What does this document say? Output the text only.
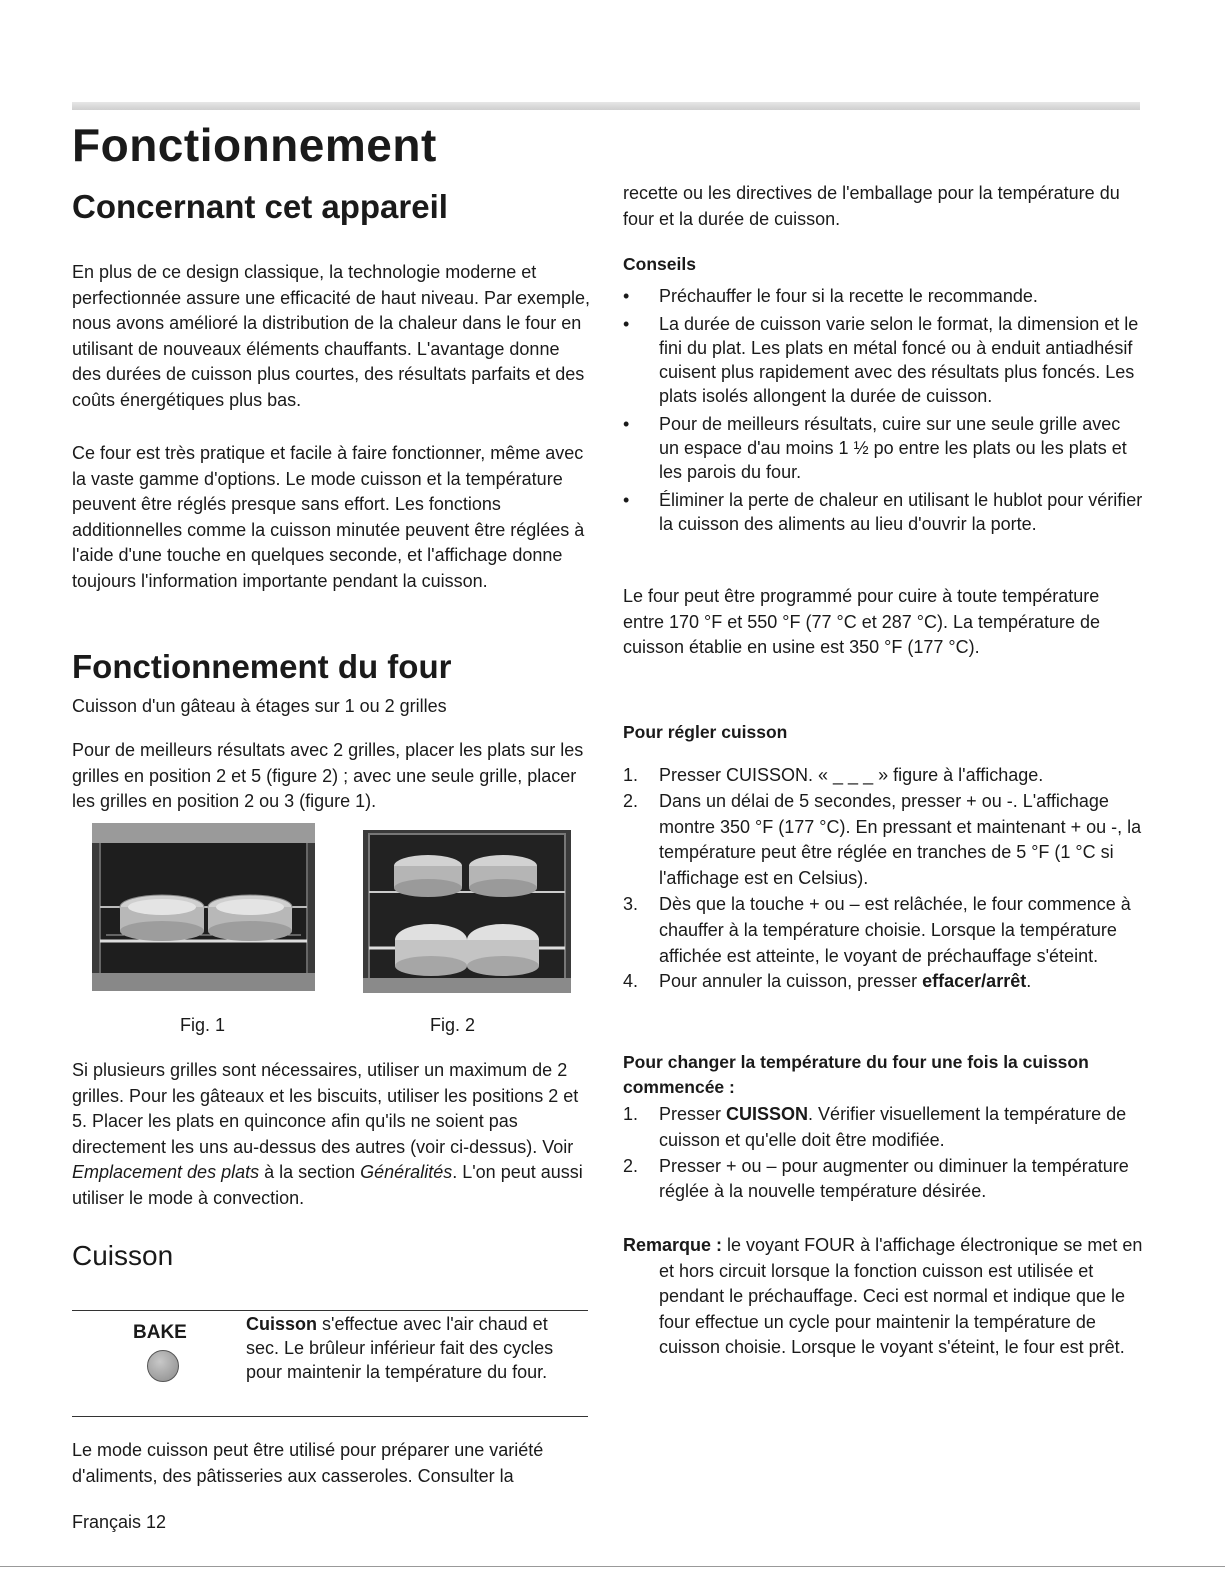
Fonctionnement
Concernant cet appareil

En plus de ce design classique, la technologie moderne et perfectionnée assure une efficacité de haut niveau. Par exemple, nous avons amélioré la distribution de la chaleur dans le four en utilisant de nouveaux éléments chauffants. L'avantage donne des durées de cuisson plus courtes, des résultats parfaits et des coûts énergétiques plus bas.

Ce four est très pratique et facile à faire fonctionner, même avec la vaste gamme d'options. Le mode cuisson et la température peuvent être réglés presque sans effort. Les fonctions additionnelles comme la cuisson minutée peuvent être réglées à l'aide d'une touche en quelques seconde, et l'affichage donne toujours l'information importante pendant la cuisson.

Fonctionnement du four

Cuisson d'un gâteau à étages sur 1 ou 2 grilles

Pour de meilleurs résultats avec 2 grilles, placer les plats sur les grilles en position 2 et 5 (figure 2) ; avec une seule grille, placer les grilles en position 2 ou 3 (figure 1).

Fig. 1	Fig. 2

Si plusieurs grilles sont nécessaires, utiliser un maximum de 2 grilles. Pour les gâteaux et les biscuits, utiliser les positions 2 et 5. Placer les plats en quinconce afin qu'ils ne soient pas directement les uns au-dessus des autres (voir ci-dessus). Voir Emplacement des plats à la section Généralités. L'on peut aussi utiliser le mode à convection.

Cuisson
BAKE	Cuisson s'effectue avec l'air chaud et sec. Le brûleur inférieur fait des cycles pour maintenir la température du four.

Le mode cuisson peut être utilisé pour préparer une variété d'aliments, des pâtisseries aux casseroles. Consulter la

Français 12

recette ou les directives de l'emballage pour la température du four et la durée de cuisson.

Conseils

• Préchauffer le four si la recette le recommande.
• La durée de cuisson varie selon le format, la dimension et le fini du plat. Les plats en métal foncé ou à enduit antiadhésif cuisent plus rapidement avec des résultats plus foncés. Les plats isolés allongent la durée de cuisson.
• Pour de meilleurs résultats, cuire sur une seule grille avec un espace d'au moins 1 ½ po entre les plats ou les plats et les parois du four.
• Éliminer la perte de chaleur en utilisant le hublot pour vérifier la cuisson des aliments au lieu d'ouvrir la porte.

Le four peut être programmé pour cuire à toute température entre 170 °F et 550 °F (77 °C et 287 °C). La température de cuisson établie en usine est 350 °F (177 °C).

Pour régler cuisson

1. Presser CUISSON. « _ _ _ » figure à l'affichage.
2. Dans un délai de 5 secondes, presser + ou -. L'affichage montre 350 °F (177 °C). En pressant et maintenant + ou -, la température peut être réglée en tranches de 5 °F (1 °C si l'affichage est en Celsius).
3. Dès que la touche + ou – est relâchée, le four commence à chauffer à la température choisie. Lorsque la température affichée est atteinte, le voyant de préchauffage s'éteint.
4. Pour annuler la cuisson, presser effacer/arrêt.

Pour changer la température du four une fois la cuisson commencée :

1. Presser CUISSON. Vérifier visuellement la température de cuisson et qu'elle doit être modifiée.
2. Presser + ou – pour augmenter ou diminuer la température réglée à la nouvelle température désirée.

Remarque : le voyant FOUR à l'affichage électronique se met en et hors circuit lorsque la fonction cuisson est utilisée et pendant le préchauffage. Ceci est normal et indique que le four effectue un cycle pour maintenir la température de cuisson choisie. Lorsque le voyant s'éteint, le four est prêt.
